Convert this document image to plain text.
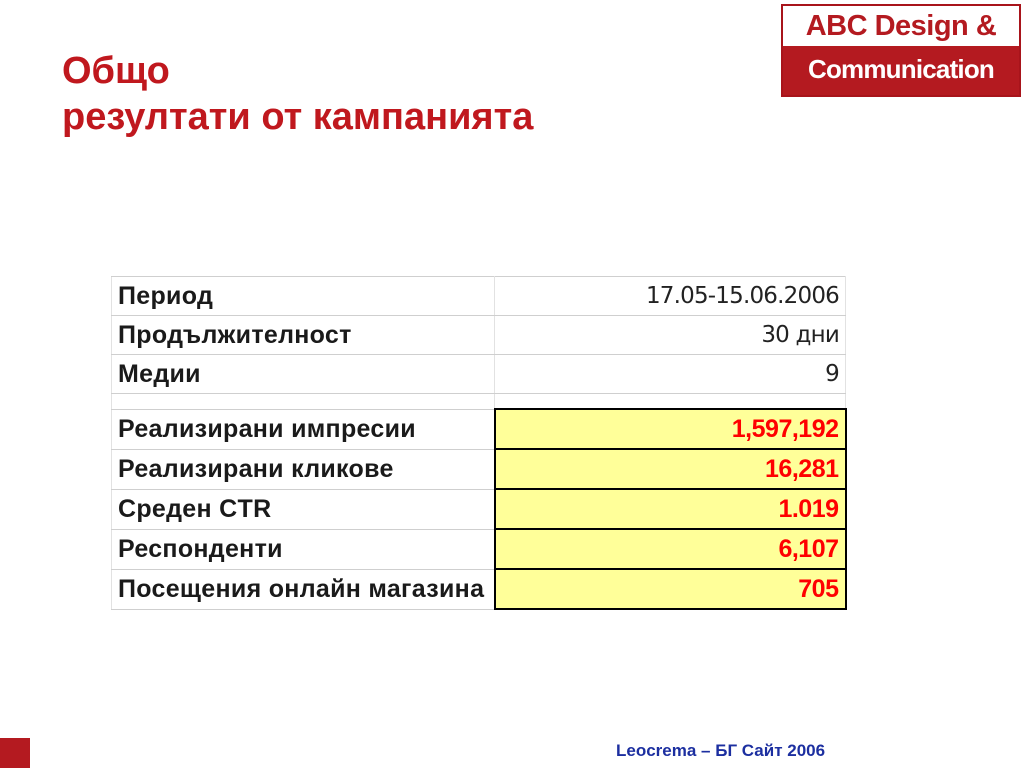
Общо
резултати от кампанията
ABC Design &
Communication
Период	17.05-15.06.2006
Продължителност	30 дни
Медии	9

Реализирани импресии	1,597,192
Реализирани кликове	16,281
Среден CTR	1.019
Респонденти	6,107
Посещения онлайн магазина	705

Leocrema – БГ Сайт 2006
